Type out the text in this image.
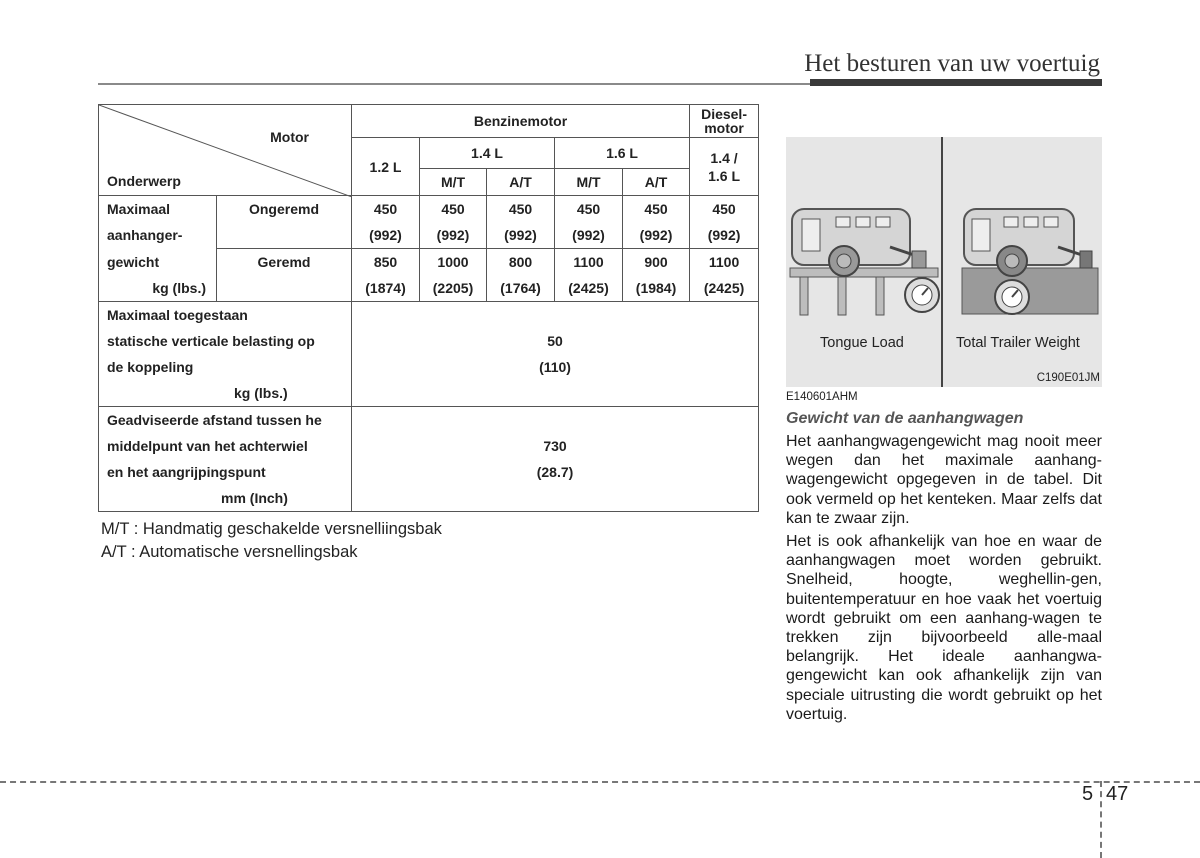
Het besturen van uw voertuig
Motor
Onderwerp		Benzinemotor					Diesel-
motor
		1.2 L	1.4 L		1.6 L		1.4 /
1.6 L
			M/T	A/T	M/T	A/T	
Maximaal	Ongeremd	450	450	450	450	450	450
aanhanger-		(992)	(992)	(992)	(992)	(992)	(992)
gewicht	Geremd	850	1000	800	1100	900	1100
kg (lbs.)		(1874)	(2205)	(1764)	(2425)	(1984)	(2425)
Maximaal toegestaan							
statische verticale belasting op		50					
de koppeling		(110)					
kg (lbs.)							
Geadviseerde afstand tussen he							
middelpunt van het achterwiel		730					
en het aangrijpingspunt		(28.7)					
mm (Inch)							
M/T : Handmatig geschakelde versnelliingsbak
A/T : Automatische versnellingsbak
Tongue Load	Total Trailer Weight
C190E01JM
E140601AHM
Gewicht van de aanhangwagen

Het aanhangwagengewicht mag nooit meer wegen dan het maximale aanhang-wagengewicht opgegeven in de tabel. Dit ook vermeld op het kenteken. Maar zelfs dat kan te zwaar zijn.

Het is ook afhankelijk van hoe en waar de aanhangwagen moet worden gebruikt. Snelheid, hoogte, weghellin-gen, buitentemperatuur en hoe vaak het voertuig wordt gebruikt om een aanhang-wagen te trekken zijn bijvoorbeeld alle-maal belangrijk. Het ideale aanhangwa-gengewicht kan ook afhankelijk zijn van speciale uitrusting die wordt gebruikt op het voertuig.

5 47
